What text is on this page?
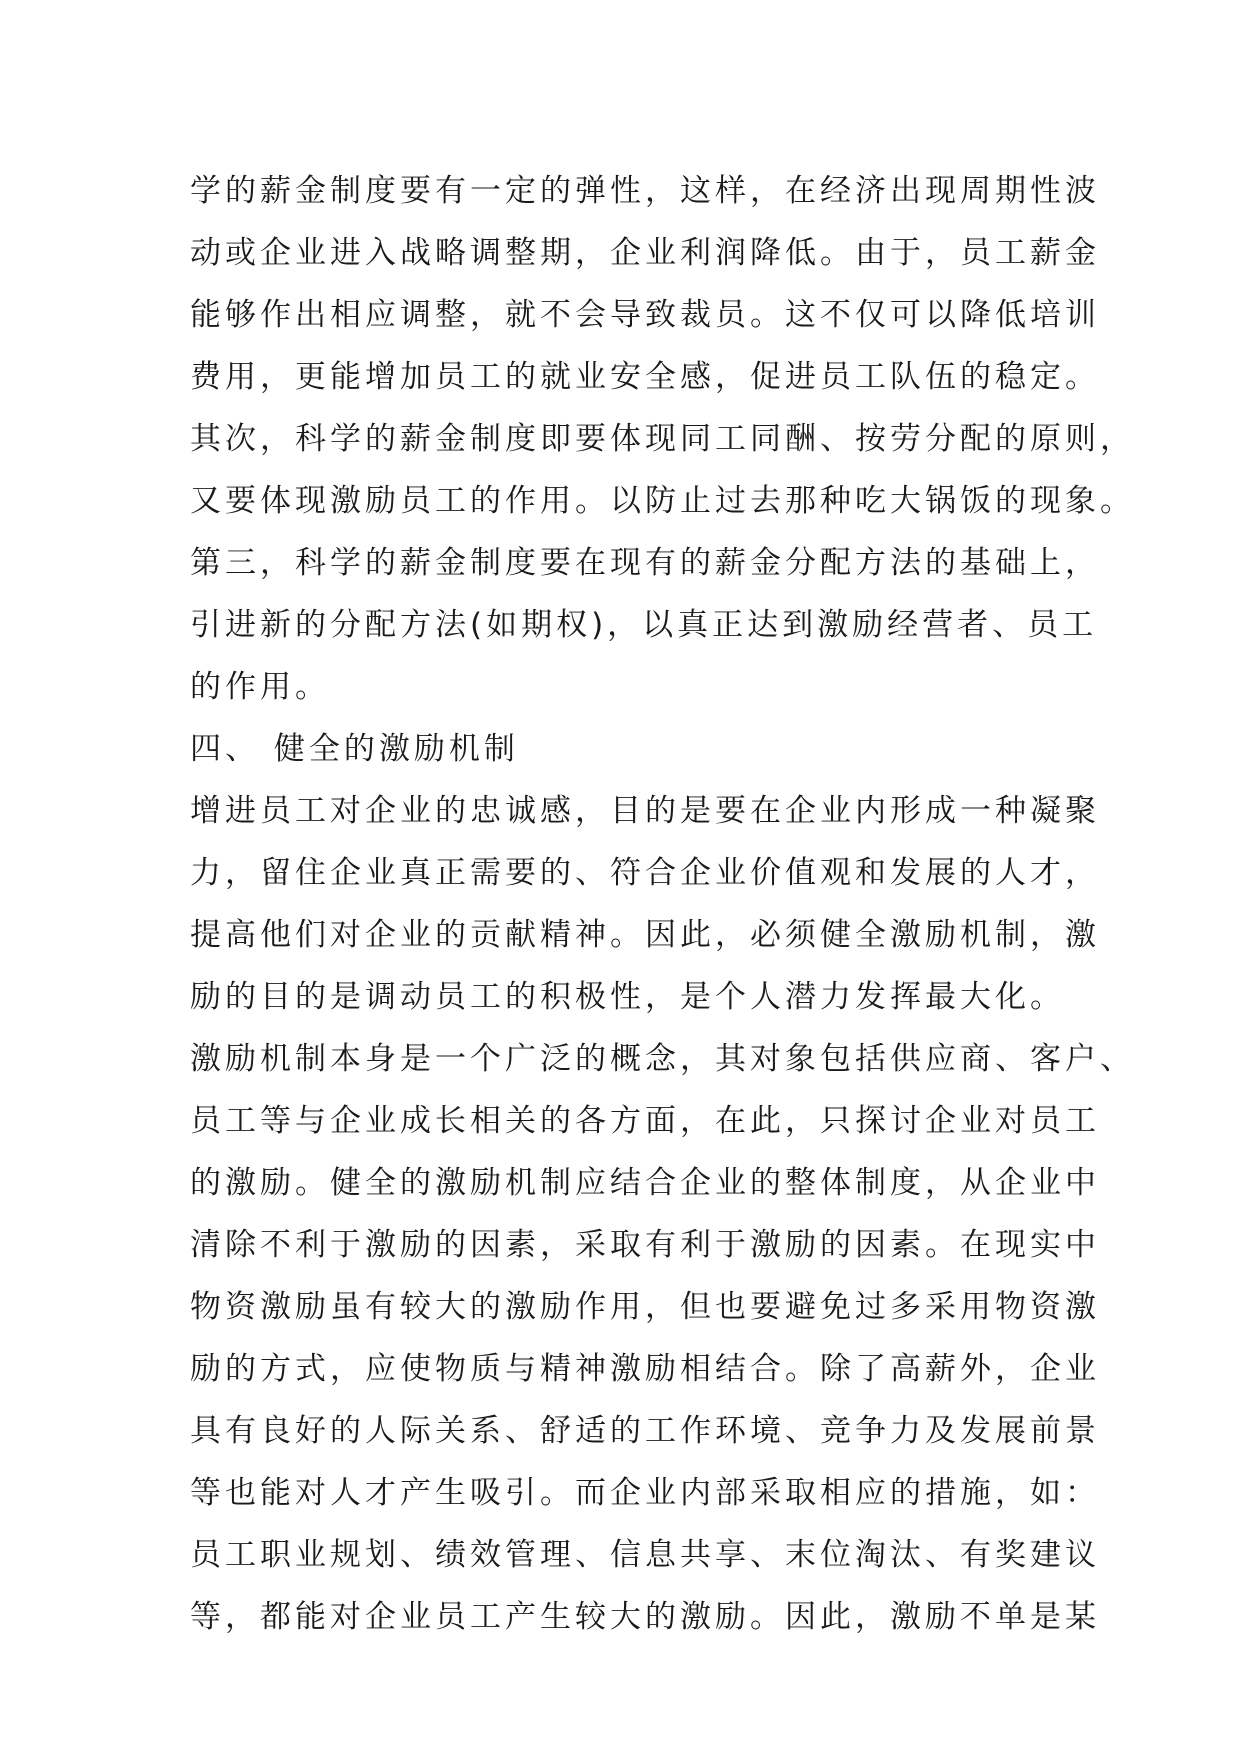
学的薪金制度要有一定的弹性，这样，在经济出现周期性波
动或企业进入战略调整期，企业利润降低。由于，员工薪金
能够作出相应调整，就不会导致裁员。这不仅可以降低培训
费用，更能增加员工的就业安全感，促进员工队伍的稳定。
其次，科学的薪金制度即要体现同工同酬、按劳分配的原则，
又要体现激励员工的作用。以防止过去那种吃大锅饭的现象。
第三，科学的薪金制度要在现有的薪金分配方法的基础上，
引进新的分配方法(如期权)，以真正达到激励经营者、员工
的作用。
四、 健全的激励机制
增进员工对企业的忠诚感，目的是要在企业内形成一种凝聚
力，留住企业真正需要的、符合企业价值观和发展的人才，
提高他们对企业的贡献精神。因此，必须健全激励机制，激
励的目的是调动员工的积极性，是个人潜力发挥最大化。
激励机制本身是一个广泛的概念，其对象包括供应商、客户、
员工等与企业成长相关的各方面，在此，只探讨企业对员工
的激励。健全的激励机制应结合企业的整体制度，从企业中
清除不利于激励的因素，采取有利于激励的因素。在现实中
物资激励虽有较大的激励作用，但也要避免过多采用物资激
励的方式，应使物质与精神激励相结合。除了高薪外，企业
具有良好的人际关系、舒适的工作环境、竞争力及发展前景
等也能对人才产生吸引。而企业内部采取相应的措施，如：
员工职业规划、绩效管理、信息共享、末位淘汰、有奖建议
等，都能对企业员工产生较大的激励。因此，激励不单是某
